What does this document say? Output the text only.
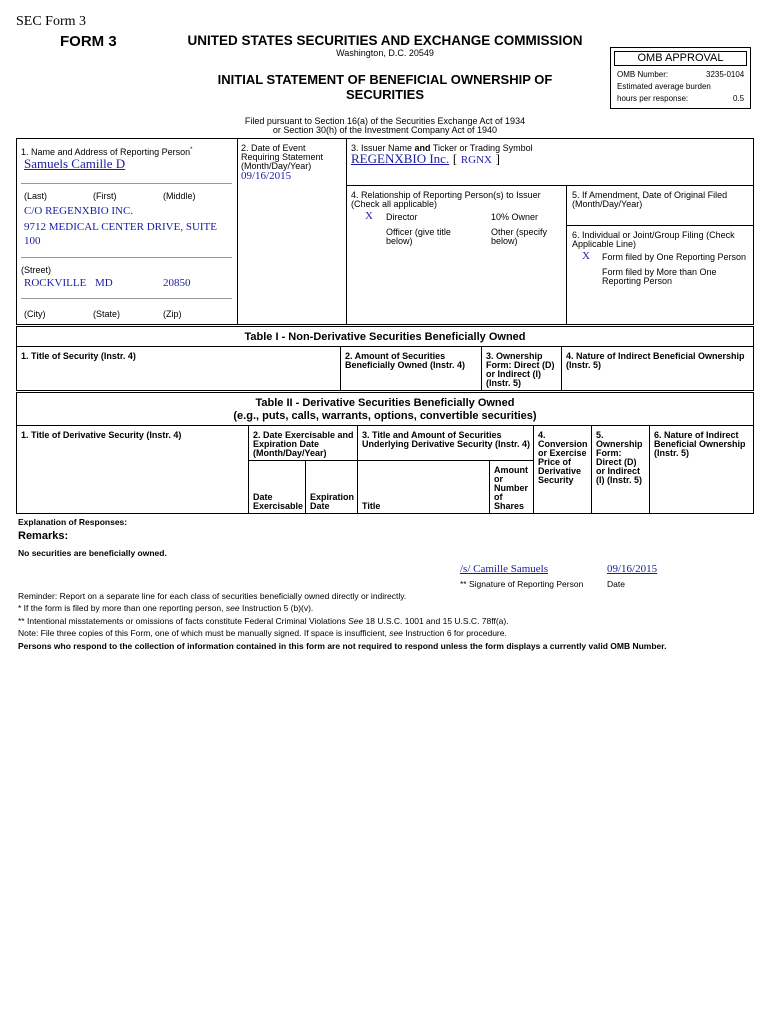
SEC Form 3
FORM 3	UNITED STATES SECURITIES AND EXCHANGE COMMISSION
Washington, D.C. 20549
INITIAL STATEMENT OF BENEFICIAL OWNERSHIP OF
SECURITIES
Filed pursuant to Section 16(a) of the Securities Exchange Act of 1934
or Section 30(h) of the Investment Company Act of 1940
OMB APPROVAL
OMB Number:	3235-0104
Estimated average burden
hours per response:	0.5
1. Name and Address of Reporting Person*
Samuels Camille D
(Last)	(First)	(Middle)
C/O REGENXBIO INC.
9712 MEDICAL CENTER DRIVE, SUITE
100
(Street)
ROCKVILLE MD	20850
(City)	(State)	(Zip)
2. Date of Event
Requiring Statement
(Month/Day/Year)
09/16/2015
3. Issuer Name and Ticker or Trading Symbol
REGENXBIO Inc. [ RGNX ]
4. Relationship of Reporting Person(s) to Issuer
(Check all applicable)
X Director	10% Owner
Officer (give title
below)
Other (specify
below)
5. If Amendment, Date of Original Filed
(Month/Day/Year)
6. Individual or Joint/Group Filing (Check
Applicable Line)
X Form filed by One Reporting Person
Form filed by More than One
Reporting Person
Table I - Non-Derivative Securities Beneficially Owned
1. Title of Security (Instr. 4)	2. Amount of Securities
Beneficially Owned (Instr. 4)
3. Ownership
Form: Direct (D)
or Indirect (I)
(Instr. 5)
4. Nature of Indirect Beneficial Ownership
(Instr. 5)
Table II - Derivative Securities Beneficially Owned
(e.g., puts, calls, warrants, options, convertible securities)
1. Title of Derivative Security (Instr. 4)	2. Date Exercisable and
Expiration Date
(Month/Day/Year)
Date
Exercisable
Expiration
Date
3. Title and Amount of Securities
Underlying Derivative Security (Instr. 4)
Title
Amount
or
Number
of
Shares
4.
Conversion
or Exercise
Price of
Derivative
Security
5.
Ownership
Form:
Direct (D)
or Indirect
(I) (Instr. 5)
6. Nature of Indirect
Beneficial Ownership
(Instr. 5)
Explanation of Responses:
Remarks:
No securities are beneficially owned.
/s/ Camille Samuels	09/16/2015
** Signature of Reporting Person	Date
Reminder: Report on a separate line for each class of securities beneficially owned directly or indirectly.
* If the form is filed by more than one reporting person, see Instruction 5 (b)(v).
** Intentional misstatements or omissions of facts constitute Federal Criminal Violations See 18 U.S.C. 1001 and 15 U.S.C. 78ff(a).
Note: File three copies of this Form, one of which must be manually signed. If space is insufficient, see Instruction 6 for procedure.
Persons who respond to the collection of information contained in this form are not required to respond unless the form displays a currently valid OMB Number.
